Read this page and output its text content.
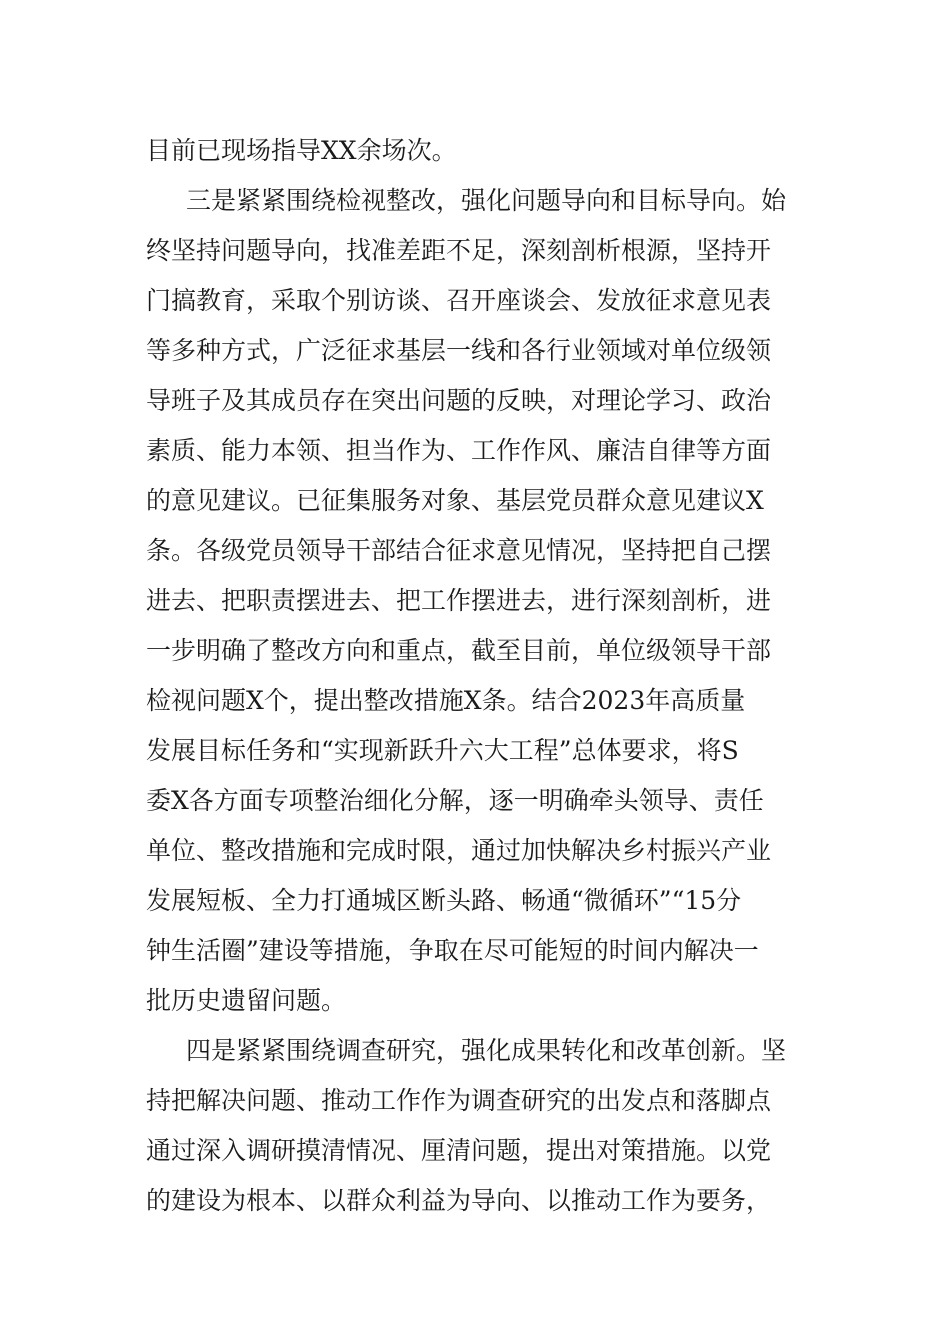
目前已现场指导XX余场次。
三是紧紧围绕检视整改，强化问题导向和目标导向。始
终坚持问题导向，找准差距不足，深刻剖析根源，坚持开
门搞教育，采取个别访谈、召开座谈会、发放征求意见表
等多种方式，广泛征求基层一线和各行业领域对单位级领
导班子及其成员存在突出问题的反映，对理论学习、政治
素质、能力本领、担当作为、工作作风、廉洁自律等方面
的意见建议。已征集服务对象、基层党员群众意见建议X
条。各级党员领导干部结合征求意见情况，坚持把自己摆
进去、把职责摆进去、把工作摆进去，进行深刻剖析，进
一步明确了整改方向和重点，截至目前，单位级领导干部
检视问题X个，提出整改措施X条。结合2023年高质量
发展目标任务和“实现新跃升六大工程”总体要求，将S
委X各方面专项整治细化分解，逐一明确牵头领导、责任
单位、整改措施和完成时限，通过加快解决乡村振兴产业
发展短板、全力打通城区断头路、畅通“微循环”“15分
钟生活圈”建设等措施，争取在尽可能短的时间内解决一
批历史遗留问题。
四是紧紧围绕调查研究，强化成果转化和改革创新。坚
持把解决问题、推动工作作为调查研究的出发点和落脚点
通过深入调研摸清情况、厘清问题，提出对策措施。以党
的建设为根本、以群众利益为导向、以推动工作为要务，
